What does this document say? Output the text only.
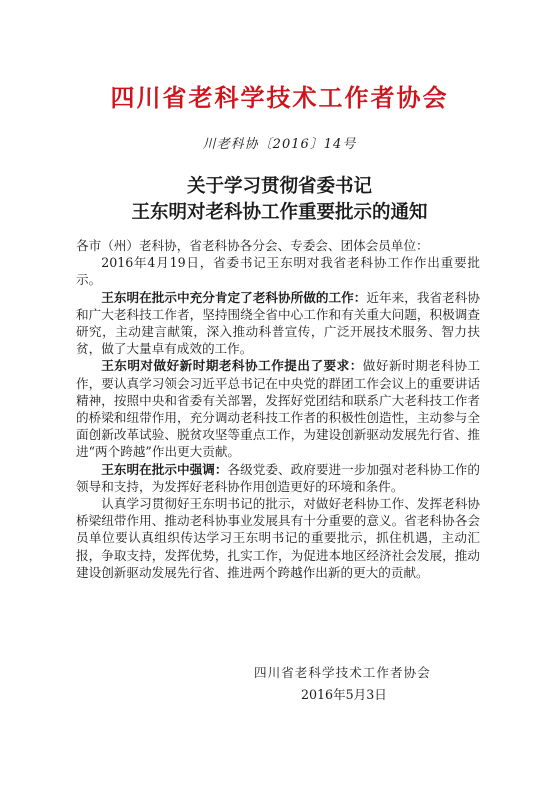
四川省老科学技术工作者协会
川老科协〔2016〕14号
关于学习贯彻省委书记
王东明对老科协工作重要批示的通知

各市（州）老科协，省老科协各分会、专委会、团体会员单位：

2016年4月19日，省委书记王东明对我省老科协工作作出重要批示。

王东明在批示中充分肯定了老科协所做的工作：近年来，我省老科协和广大老科技工作者，坚持围绕全省中心工作和有关重大问题，积极调查研究，主动建言献策，深入推动科普宣传，广泛开展技术服务、智力扶贫，做了大量卓有成效的工作。

王东明对做好新时期老科协工作提出了要求：做好新时期老科协工作，要认真学习领会习近平总书记在中央党的群团工作会议上的重要讲话精神，按照中央和省委有关部署，发挥好党团结和联系广大老科技工作者的桥梁和纽带作用，充分调动老科技工作者的积极性创造性，主动参与全面创新改革试验、脱贫攻坚等重点工作，为建设创新驱动发展先行省、推进“两个跨越”作出更大贡献。

王东明在批示中强调：各级党委、政府要进一步加强对老科协工作的领导和支持，为发挥好老科协作用创造更好的环境和条件。

认真学习贯彻好王东明书记的批示，对做好老科协工作、发挥老科协桥梁纽带作用、推动老科协事业发展具有十分重要的意义。省老科协各会员单位要认真组织传达学习王东明书记的重要批示，抓住机遇，主动汇报，争取支持，发挥优势，扎实工作，为促进本地区经济社会发展，推动建设创新驱动发展先行省、推进两个跨越作出新的更大的贡献。

四川省老科学技术工作者协会
2016年5月3日
